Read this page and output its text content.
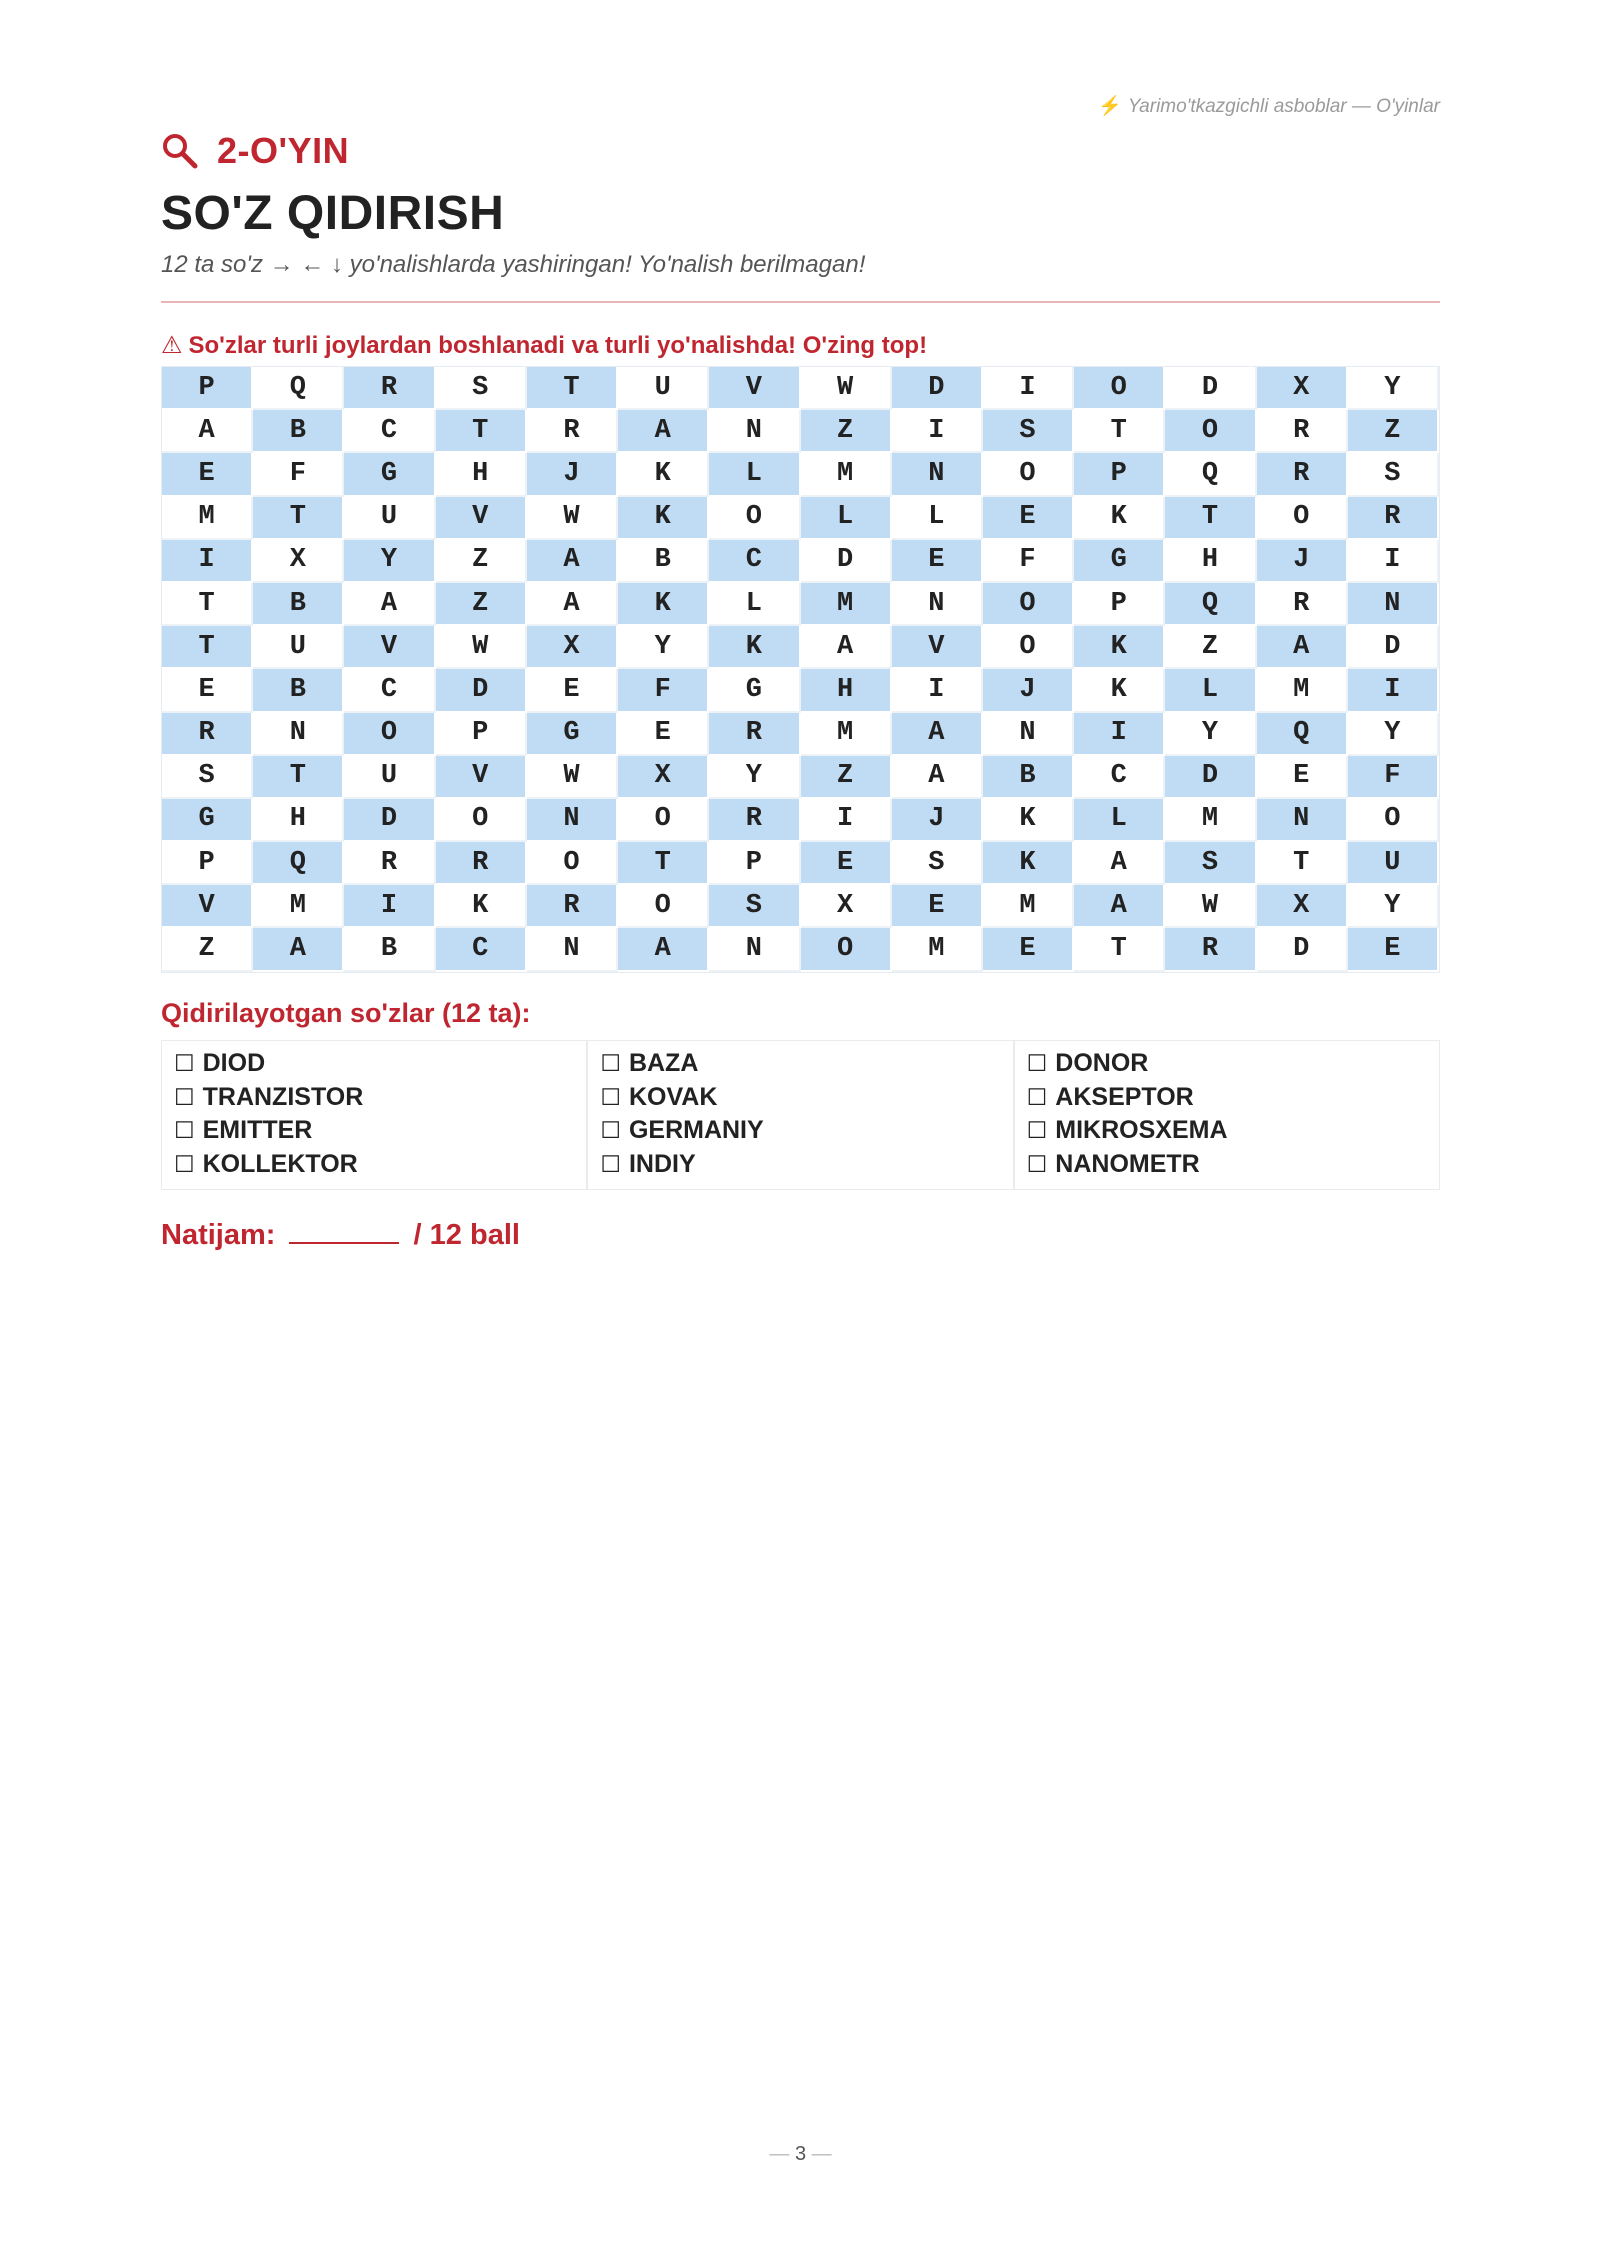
⚡ Yarimo'tkazgichli asboblar — O'yinlar
2-O'YIN
SO'Z QIDIRISH
12 ta so'z → ← ↓ yo'nalishlarda yashiringan! Yo'nalish berilmagan!
⚠ So'zlar turli joylardan boshlanadi va turli yo'nalishda! O'zing top!
P	Q	R	S	T	U	V	W	D	I	O	D	X	Y
A	B	C	T	R	A	N	Z	I	S	T	O	R	Z
E	F	G	H	J	K	L	M	N	O	P	Q	R	S
M	T	U	V	W	K	O	L	L	E	K	T	O	R
I	X	Y	Z	A	B	C	D	E	F	G	H	J	I
T	B	A	Z	A	K	L	M	N	O	P	Q	R	N
T	U	V	W	X	Y	K	A	V	O	K	Z	A	D
E	B	C	D	E	F	G	H	I	J	K	L	M	I
R	N	O	P	G	E	R	M	A	N	I	Y	Q	Y
S	T	U	V	W	X	Y	Z	A	B	C	D	E	F
G	H	D	O	N	O	R	I	J	K	L	M	N	O
P	Q	R	R	O	T	P	E	S	K	A	S	T	U
V	M	I	K	R	O	S	X	E	M	A	W	X	Y
Z	A	B	C	N	A	N	O	M	E	T	R	D	E
Qidirilayotgan so'zlar (12 ta):
☐ DIOD
☐ TRANZISTOR
☐ EMITTER
☐ KOLLEKTOR
☐ BAZA
☐ KOVAK
☐ GERMANIY
☐ INDIY
☐ DONOR
☐ AKSEPTOR
☐ MIKROSXEMA
☐ NANOMETR
Natijam:	/ 12 ball
— 3 —
